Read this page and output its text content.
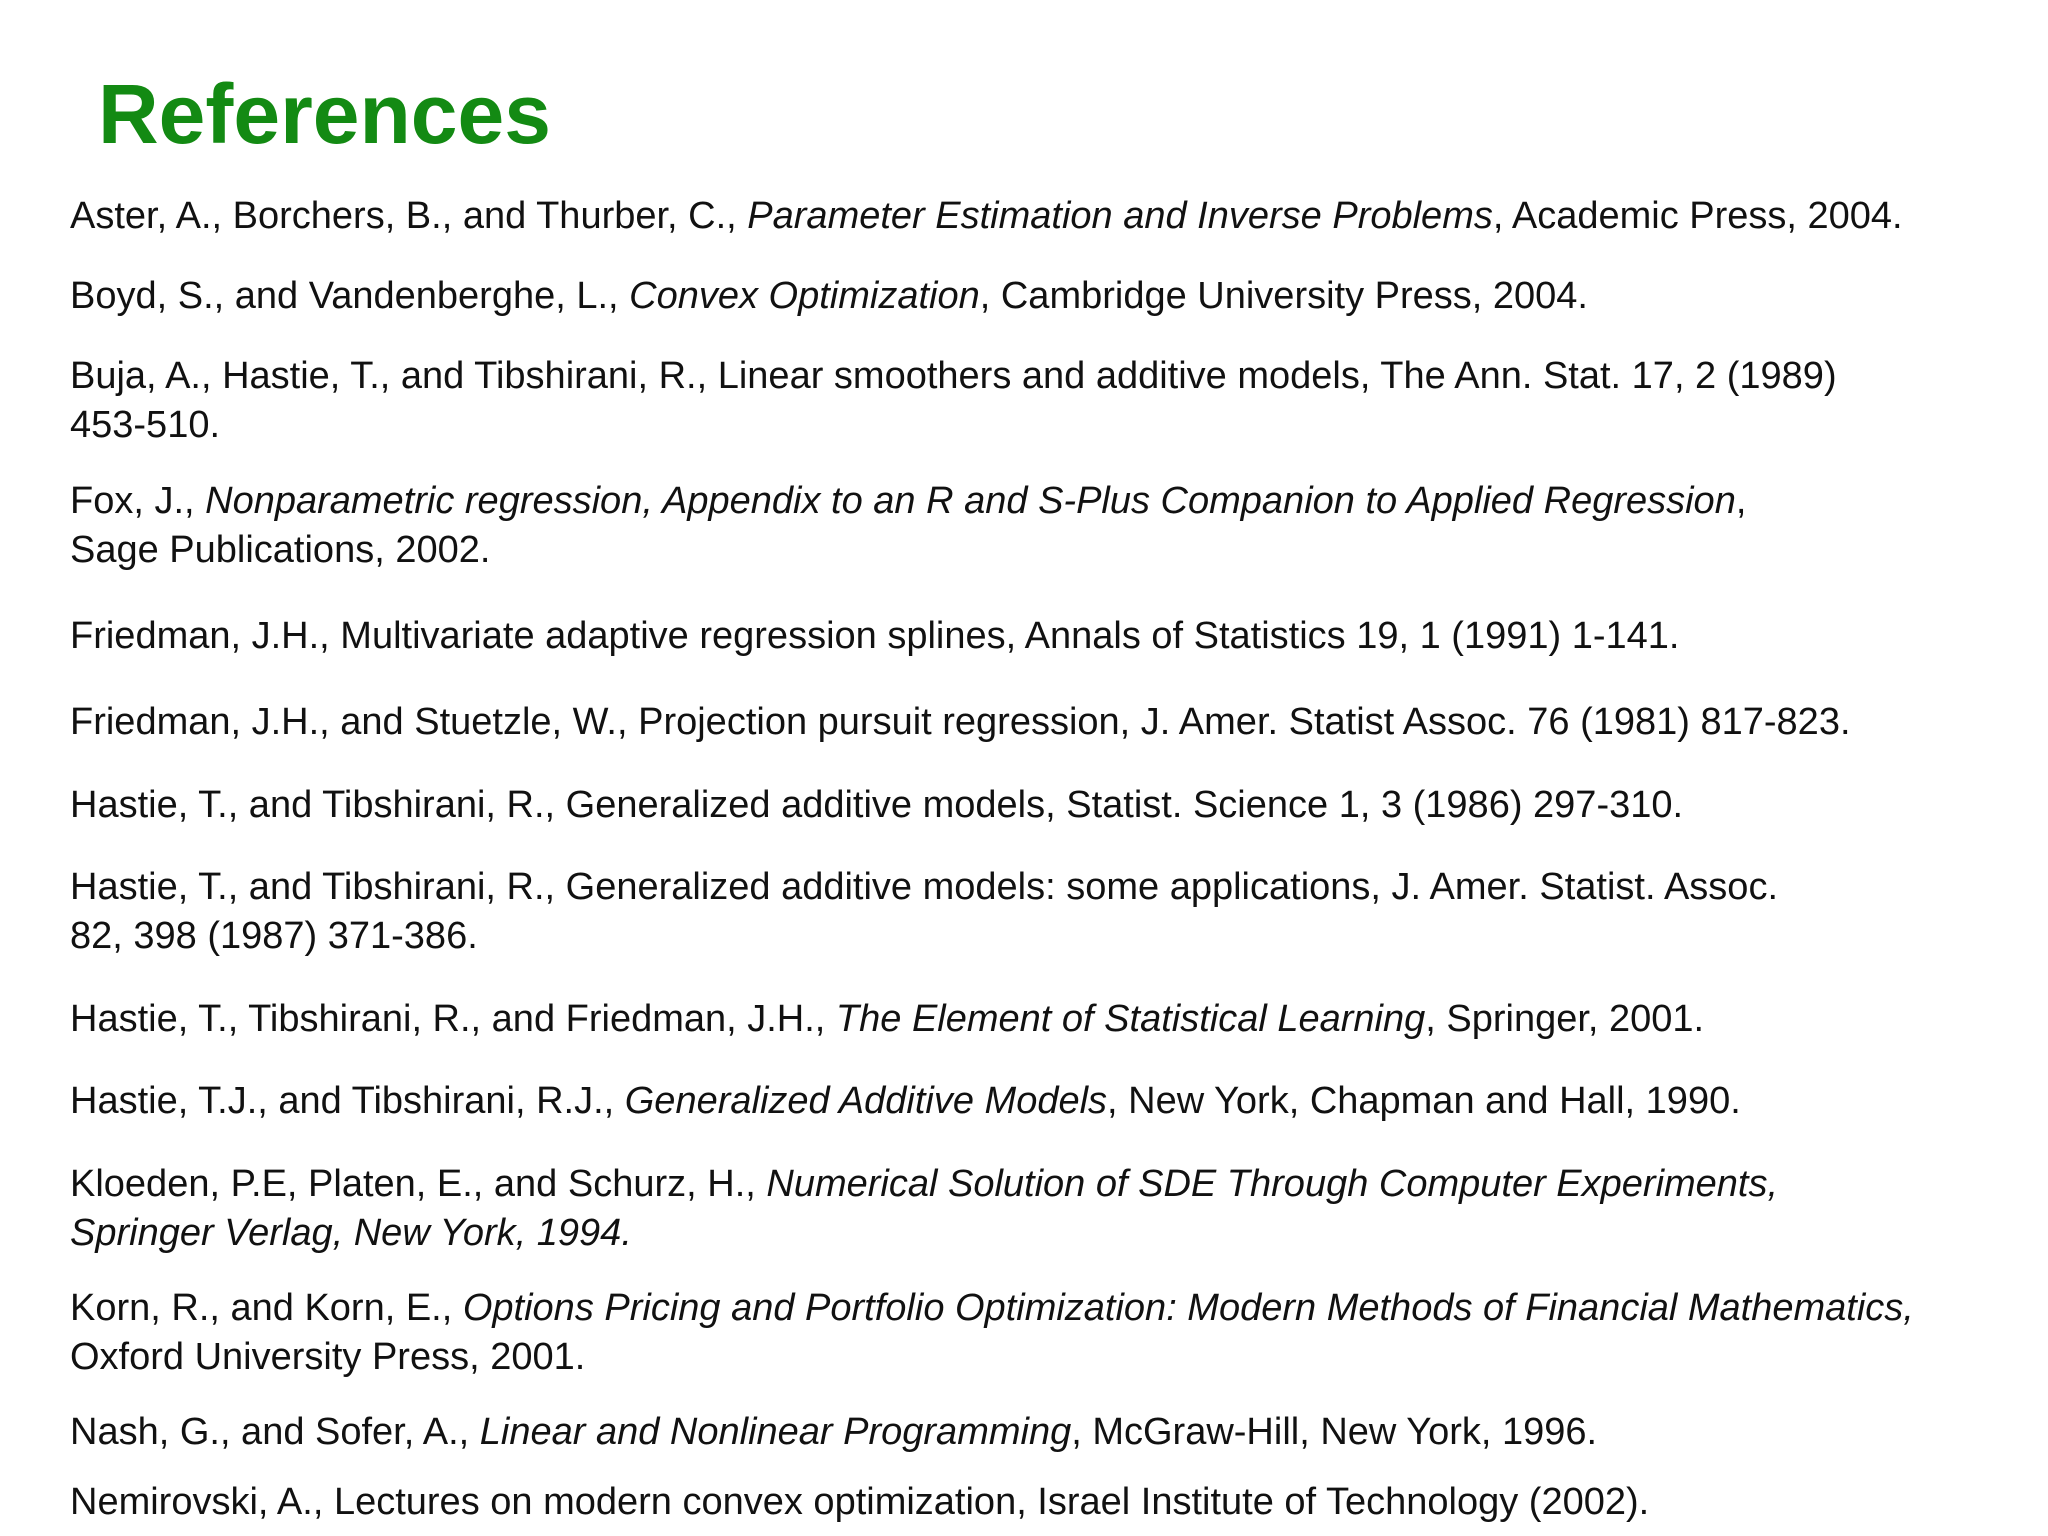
References

Aster, A., Borchers, B., and Thurber, C., Parameter Estimation and Inverse Problems, Academic Press, 2004.

Boyd, S., and Vandenberghe, L., Convex Optimization, Cambridge University Press, 2004.

Buja, A., Hastie, T., and Tibshirani, R., Linear smoothers and additive models, The Ann. Stat. 17, 2 (1989)
453-510.

Fox, J., Nonparametric regression, Appendix to an R and S-Plus Companion to Applied Regression,
Sage Publications, 2002.

Friedman, J.H., Multivariate adaptive regression splines, Annals of Statistics 19, 1 (1991) 1-141.

Friedman, J.H., and Stuetzle, W., Projection pursuit regression, J. Amer. Statist Assoc. 76 (1981) 817-823.

Hastie, T., and Tibshirani, R., Generalized additive models, Statist. Science 1, 3 (1986) 297-310.

Hastie, T., and Tibshirani, R., Generalized additive models: some applications, J. Amer. Statist. Assoc.
82, 398 (1987) 371-386.

Hastie, T., Tibshirani, R., and Friedman, J.H., The Element of Statistical Learning, Springer, 2001.

Hastie, T.J., and Tibshirani, R.J., Generalized Additive Models, New York, Chapman and Hall, 1990.

Kloeden, P.E, Platen, E., and Schurz, H., Numerical Solution of SDE Through Computer Experiments,
Springer Verlag, New York, 1994.

Korn, R., and Korn, E., Options Pricing and Portfolio Optimization: Modern Methods of Financial Mathematics,
Oxford University Press, 2001.

Nash, G., and Sofer, A., Linear and Nonlinear Programming, McGraw-Hill, New York, 1996.

Nemirovski, A., Lectures on modern convex optimization, Israel Institute of Technology (2002).
